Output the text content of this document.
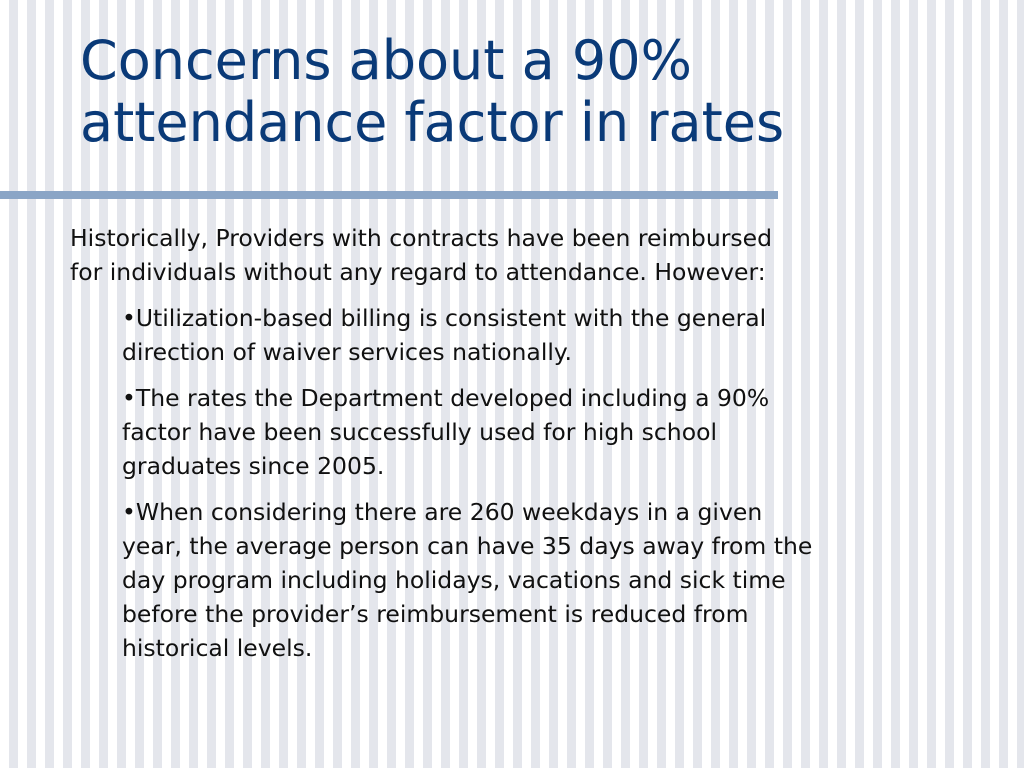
Concerns about a 90%
attendance factor in rates

Historically, Providers with contracts have been reimbursed
for individuals without any regard to attendance. However:

•Utilization-based billing is consistent with the general
direction of waiver services nationally.
•The rates the Department developed including a 90%
factor have been successfully used for high school
graduates since 2005.
•When considering there are 260 weekdays in a given
year, the average person can have 35 days away from the
day program including holidays, vacations and sick time
before the provider’s reimbursement is reduced from
historical levels.
